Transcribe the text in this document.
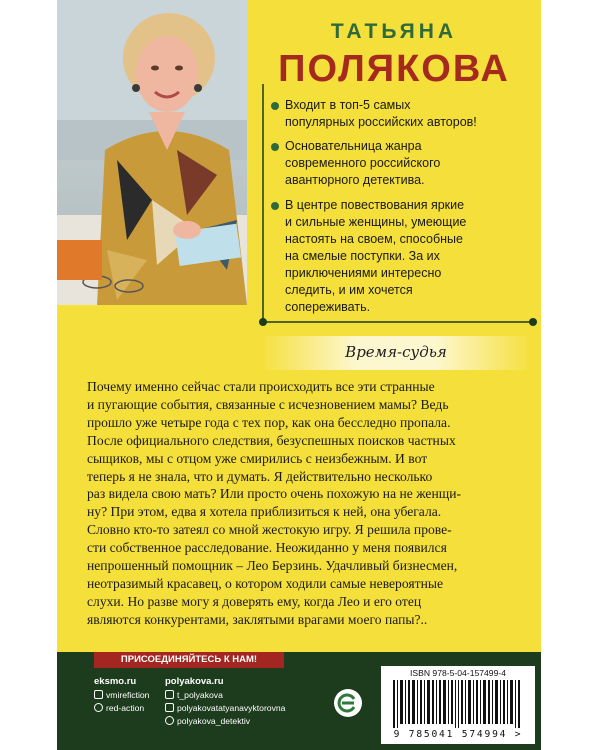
ТАТЬЯНА
ПОЛЯКОВА
Входит в топ-5 самых
популярных российских авторов!
Основательница жанра
современного российского
авантюрного детектива.
В центре повествования яркие
и сильные женщины, умеющие
настоять на своем, способные
на смелые поступки. За их
приключениями интересно
следить, и им хочется
сопереживать.
Время-судья
Почему именно сейчас стали происходить все эти странные
и пугающие события, связанные с исчезновением мамы? Ведь
прошло уже четыре года с тех пор, как она бесследно пропала.
После официального следствия, безуспешных поисков частных
сыщиков, мы с отцом уже смирились с неизбежным. И вот
теперь я не знала, что и думать. Я действительно несколько
раз видела свою мать? Или просто очень похожую на не женщи-
ну? При этом, едва я хотела приблизиться к ней, она убегала.
Словно кто-то затеял со мной жестокую игру. Я решила прове-
сти собственное расследование. Неожиданно у меня появился
непрошенный помощник – Лео Берзинь. Удачливый бизнесмен,
неотразимый красавец, о котором ходили самые невероятные
слухи. Но разве могу я доверять ему, когда Лео и его отец
являются конкурентами, заклятыми врагами моего папы?..
ПРИСОЕДИНЯЙТЕСЬ К НАМ!
eksmo.ru
vmirefiction
red-action
polyakova.ru
t_polyakova
polyakovatatyanavyktorovna
polyakova_detektiv
ISBN 978-5-04-157499-4
9 785041 574994 >
